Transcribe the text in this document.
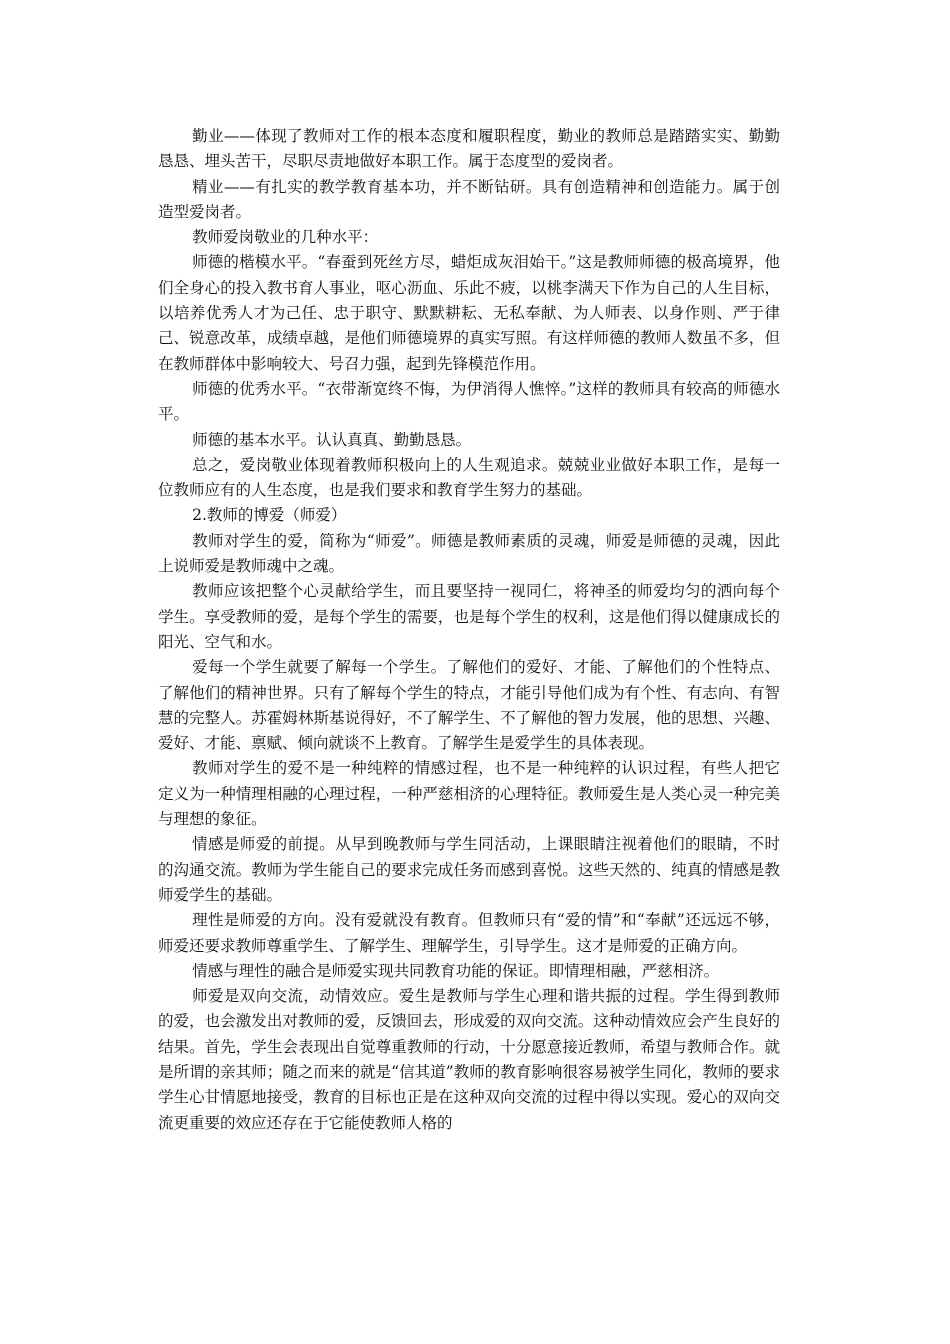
勤业——体现了教师对工作的根本态度和履职程度，勤业的教师总是踏踏实实、勤勤恳恳、埋头苦干，尽职尽责地做好本职工作。属于态度型的爱岗者。

精业——有扎实的教学教育基本功，并不断钻研。具有创造精神和创造能力。属于创造型爱岗者。

教师爱岗敬业的几种水平：

师德的楷模水平。“春蚕到死丝方尽，蜡炬成灰泪始干。”这是教师师德的极高境界，他们全身心的投入教书育人事业，呕心沥血、乐此不疲，以桃李满天下作为自己的人生目标，以培养优秀人才为己任、忠于职守、默默耕耘、无私奉献、为人师表、以身作则、严于律己、锐意改革，成绩卓越，是他们师德境界的真实写照。有这样师德的教师人数虽不多，但在教师群体中影响较大、号召力强，起到先锋模范作用。

师德的优秀水平。“衣带渐宽终不悔，为伊消得人憔悴。”这样的教师具有较高的师德水平。

师德的基本水平。认认真真、勤勤恳恳。

总之，爱岗敬业体现着教师积极向上的人生观追求。兢兢业业做好本职工作，是每一位教师应有的人生态度，也是我们要求和教育学生努力的基础。

2.教师的博爱（师爱）

教师对学生的爱，简称为“师爱”。师德是教师素质的灵魂，师爱是师德的灵魂，因此上说师爱是教师魂中之魂。

教师应该把整个心灵献给学生，而且要坚持一视同仁，将神圣的师爱均匀的洒向每个学生。享受教师的爱，是每个学生的需要，也是每个学生的权利，这是他们得以健康成长的阳光、空气和水。

爱每一个学生就要了解每一个学生。了解他们的爱好、才能、了解他们的个性特点、了解他们的精神世界。只有了解每个学生的特点，才能引导他们成为有个性、有志向、有智慧的完整人。苏霍姆林斯基说得好，不了解学生、不了解他的智力发展，他的思想、兴趣、爱好、才能、禀赋、倾向就谈不上教育。了解学生是爱学生的具体表现。

教师对学生的爱不是一种纯粹的情感过程，也不是一种纯粹的认识过程，有些人把它定义为一种情理相融的心理过程，一种严慈相济的心理特征。教师爱生是人类心灵一种完美与理想的象征。

情感是师爱的前提。从早到晚教师与学生同活动，上课眼睛注视着他们的眼睛，不时的沟通交流。教师为学生能自己的要求完成任务而感到喜悦。这些天然的、纯真的情感是教师爱学生的基础。

理性是师爱的方向。没有爱就没有教育。但教师只有“爱的情”和“奉献”还远远不够，师爱还要求教师尊重学生、了解学生、理解学生，引导学生。这才是师爱的正确方向。

情感与理性的融合是师爱实现共同教育功能的保证。即情理相融，严慈相济。

师爱是双向交流，动情效应。爱生是教师与学生心理和谐共振的过程。学生得到教师的爱，也会激发出对教师的爱，反馈回去，形成爱的双向交流。这种动情效应会产生良好的结果。首先，学生会表现出自觉尊重教师的行动，十分愿意接近教师，希望与教师合作。就是所谓的亲其师；随之而来的就是“信其道”教师的教育影响很容易被学生同化，教师的要求学生心甘情愿地接受，教育的目标也正是在这种双向交流的过程中得以实现。爱心的双向交流更重要的效应还存在于它能使教师人格的
